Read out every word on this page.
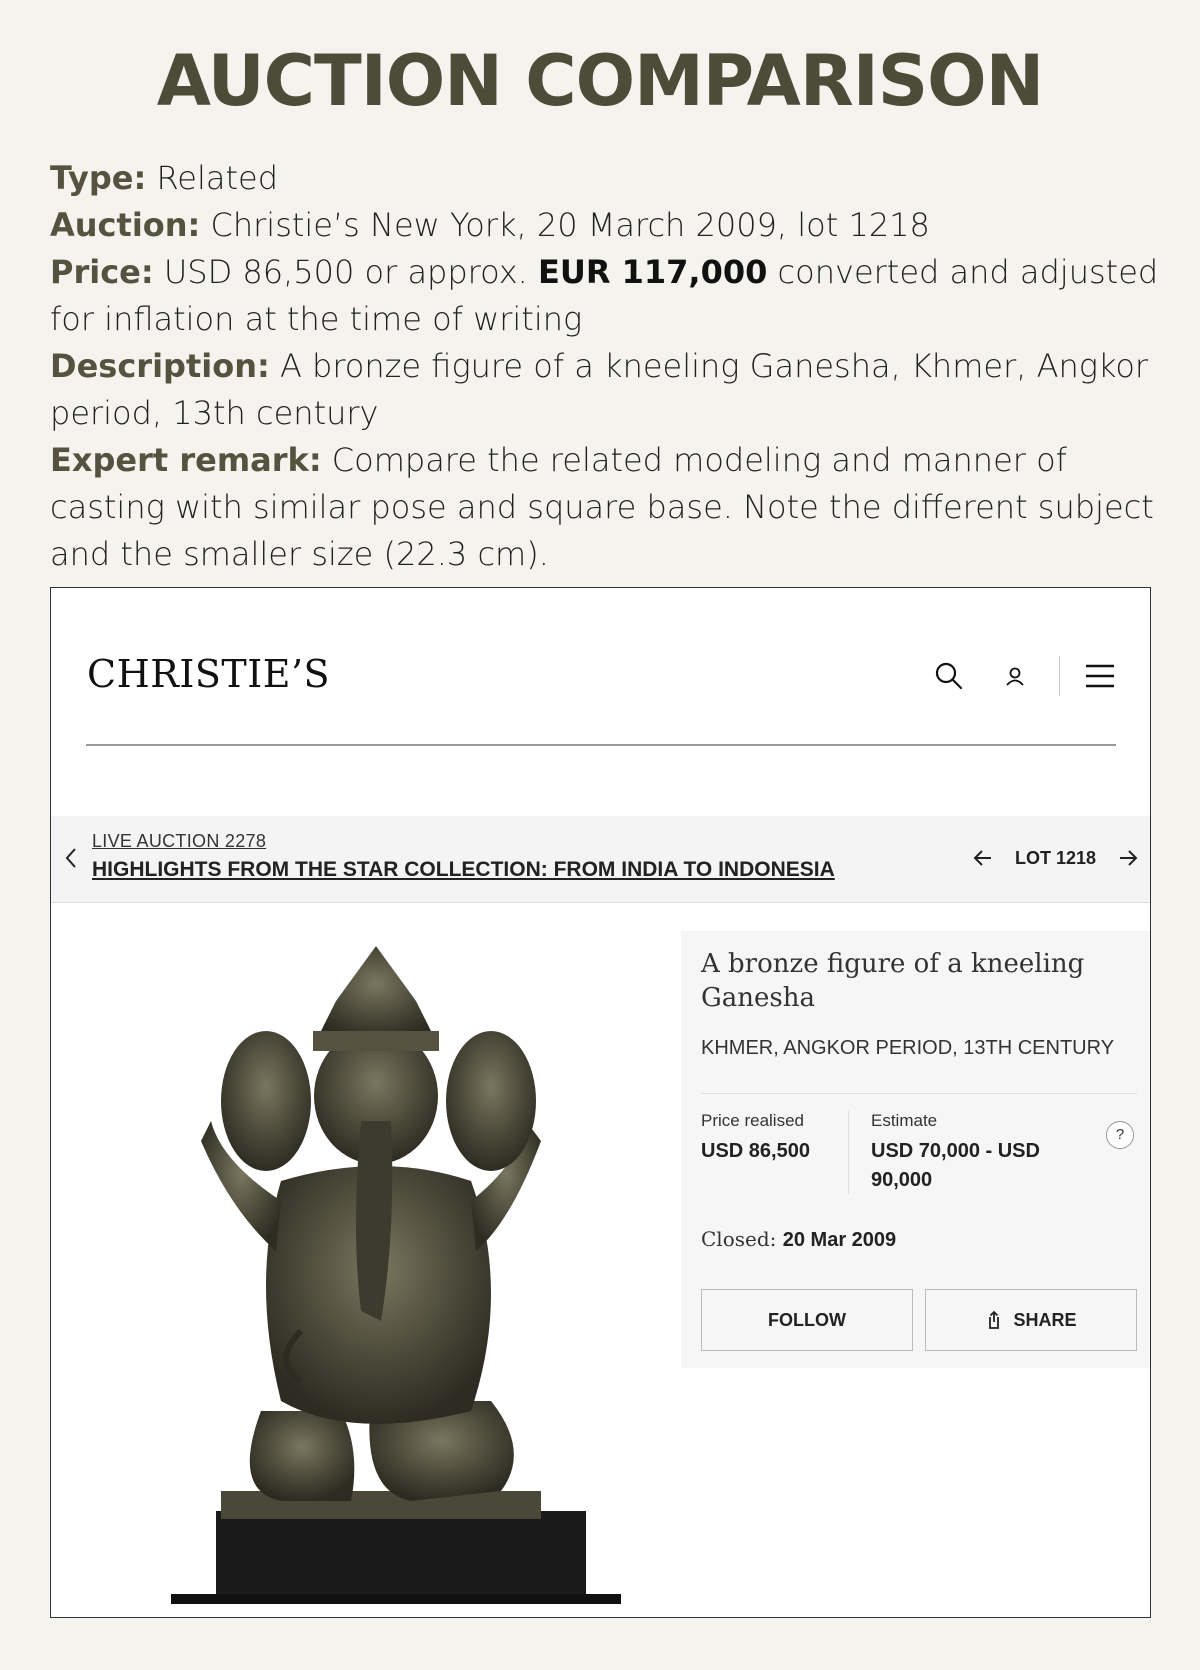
AUCTION COMPARISON
Type: Related
Auction: Christie’s New York, 20 March 2009, lot 1218
Price: USD 86,500 or approx. EUR 117,000 converted and adjusted for inflation at the time of writing
Description: A bronze figure of a kneeling Ganesha, Khmer, Angkor period, 13th century
Expert remark: Compare the related modeling and manner of casting with similar pose and square base. Note the different subject and the smaller size (22.3 cm).
CHRISTIE’S
LIVE AUCTION 2278
HIGHLIGHTS FROM THE STAR COLLECTION: FROM INDIA TO INDONESIA
LOT 1218
A bronze figure of a kneeling Ganesha
KHMER, ANGKOR PERIOD, 13TH CENTURY
Price realised
USD 86,500
Estimate
USD 70,000 - USD 90,000
?
Closed: 20 Mar 2009
FOLLOW	SHARE
